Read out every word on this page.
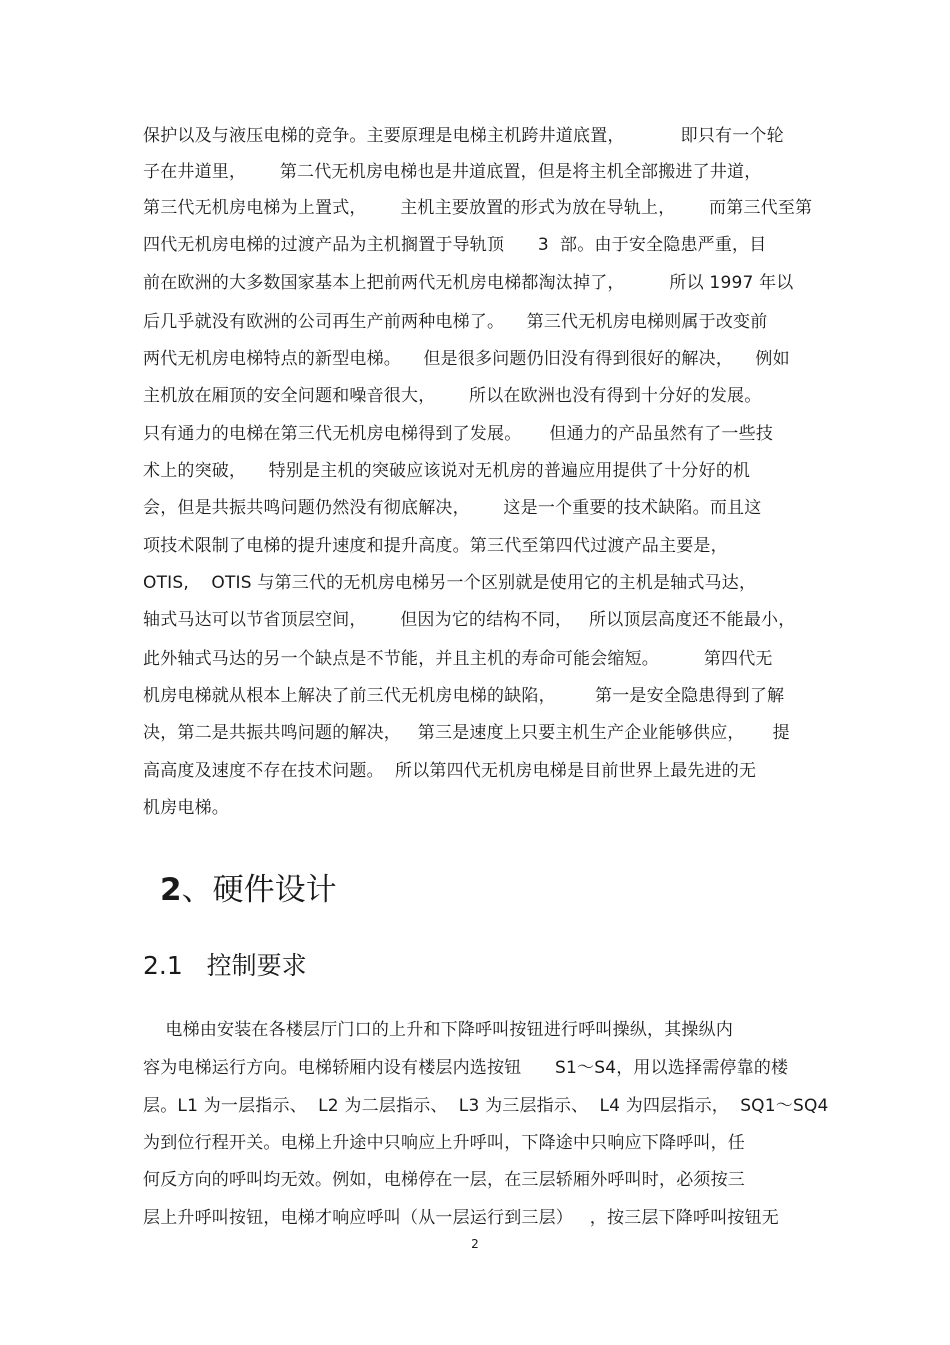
保护以及与液压电梯的竞争。主要原理是电梯主机跨井道底置，          即只有一个轮
子在井道里，      第二代无机房电梯也是井道底置，但是将主机全部搬进了井道，
第三代无机房电梯为上置式，      主机主要放置的形式为放在导轨上，      而第三代至第
四代无机房电梯的过渡产品为主机搁置于导轨顶      3  部。由于安全隐患严重，目
前在欧洲的大多数国家基本上把前两代无机房电梯都淘汰掉了，        所以 1997 年以
后几乎就没有欧洲的公司再生产前两种电梯了。    第三代无机房电梯则属于改变前
两代无机房电梯特点的新型电梯。    但是很多问题仍旧没有得到很好的解决，    例如
主机放在厢顶的安全问题和噪音很大，      所以在欧洲也没有得到十分好的发展。
只有通力的电梯在第三代无机房电梯得到了发展。     但通力的产品虽然有了一些技
术上的突破，    特别是主机的突破应该说对无机房的普遍应用提供了十分好的机
会，但是共振共鸣问题仍然没有彻底解决，      这是一个重要的技术缺陷。而且这
项技术限制了电梯的提升速度和提升高度。第三代至第四代过渡产品主要是，
OTIS,    OTIS 与第三代的无机房电梯另一个区别就是使用它的主机是轴式马达，
轴式马达可以节省顶层空间，      但因为它的结构不同，   所以顶层高度还不能最小，
此外轴式马达的另一个缺点是不节能，并且主机的寿命可能会缩短。        第四代无
机房电梯就从根本上解决了前三代无机房电梯的缺陷，       第一是安全隐患得到了解
决，第二是共振共鸣问题的解决，   第三是速度上只要主机生产企业能够供应，     提
高高度及速度不存在技术问题。  所以第四代无机房电梯是目前世界上最先进的无
机房电梯。
2、硬件设计
2.1   控制要求
电梯由安装在各楼层厅门口的上升和下降呼叫按钮进行呼叫操纵，其操纵内
容为电梯运行方向。电梯轿厢内设有楼层内选按钮      S1～S4，用以选择需停靠的楼
层。L1 为一层指示、  L2 为二层指示、  L3 为三层指示、  L4 为四层指示，  SQ1～SQ4
为到位行程开关。电梯上升途中只响应上升呼叫，下降途中只响应下降呼叫，任
何反方向的呼叫均无效。例如，电梯停在一层，在三层轿厢外呼叫时，必须按三
层上升呼叫按钮，电梯才响应呼叫（从一层运行到三层）   ，按三层下降呼叫按钮无
2
